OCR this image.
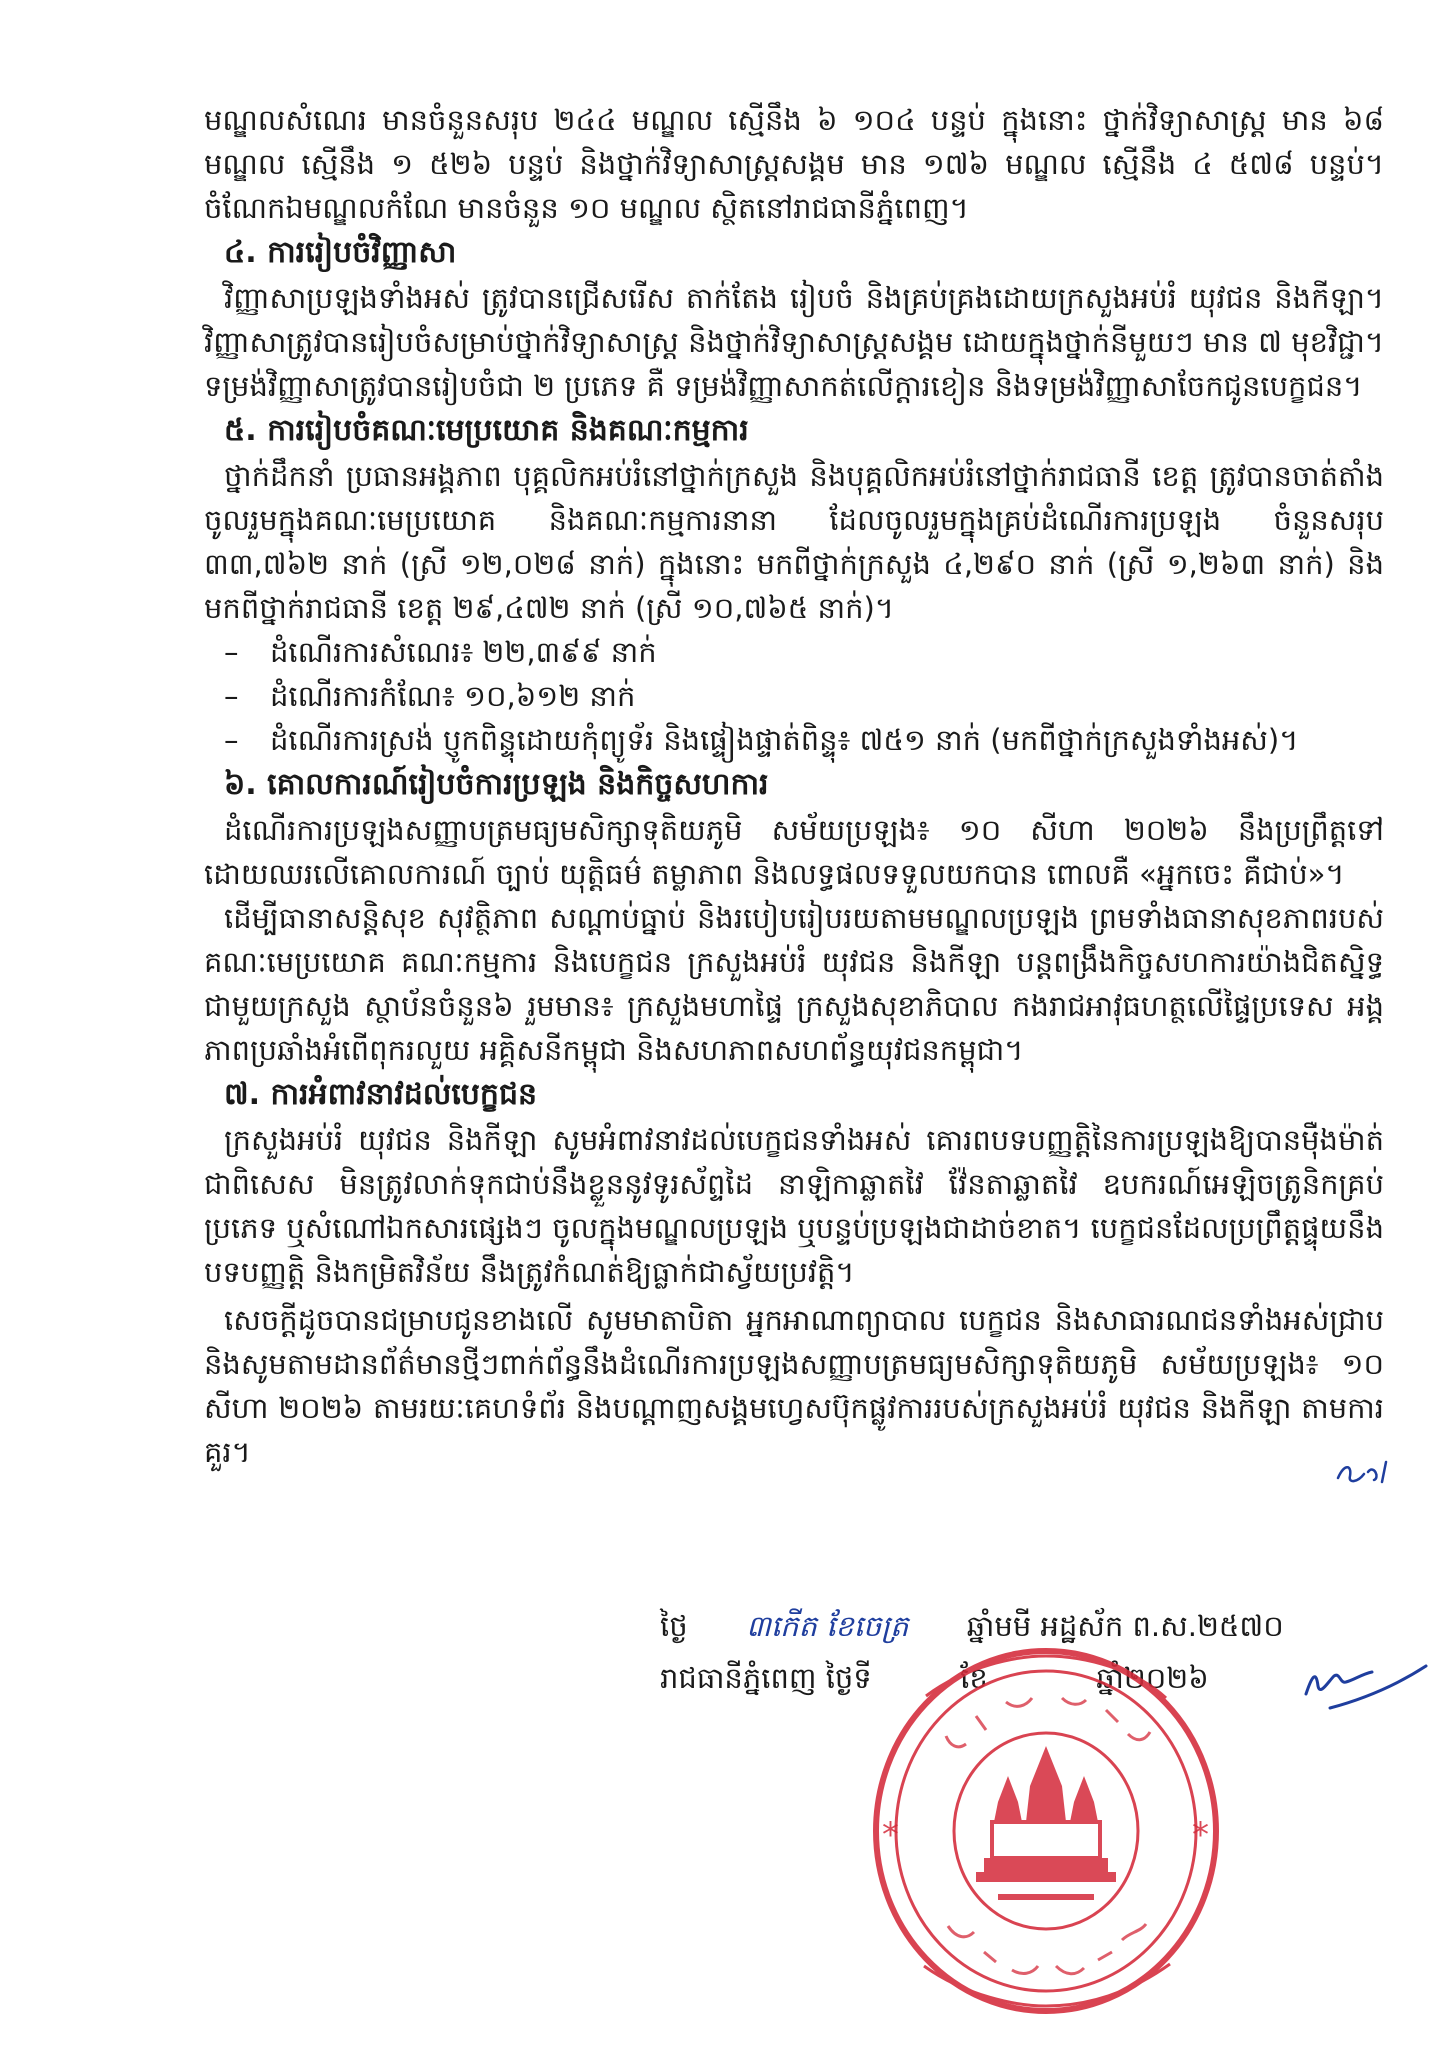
មណ្ឌលសំណេរ មានចំនួនសរុប ២៤៤ មណ្ឌល ស្មើនឹង ៦ ១០៤ បន្ទប់ ក្នុងនោះ ថ្នាក់វិទ្យាសាស្ត្រ មាន ៦៨ មណ្ឌល ស្មើនឹង ១ ៥២៦ បន្ទប់ និងថ្នាក់វិទ្យាសាស្ត្រសង្គម មាន ១៧៦ មណ្ឌល ស្មើនឹង ៤ ៥៧៨ បន្ទប់។ ចំណែកឯមណ្ឌលកំណែ មានចំនួន ១០ មណ្ឌល ស្ថិតនៅរាជធានីភ្នំពេញ។

៤. ការរៀបចំវិញ្ញាសា

វិញ្ញាសាប្រឡងទាំងអស់ ត្រូវបានជ្រើសរើស តាក់តែង រៀបចំ និងគ្រប់គ្រងដោយក្រសួងអប់រំ យុវជន និងកីឡា។ វិញ្ញាសាត្រូវបានរៀបចំសម្រាប់ថ្នាក់វិទ្យាសាស្ត្រ និងថ្នាក់វិទ្យាសាស្ត្រសង្គម ដោយក្នុងថ្នាក់នីមួយៗ មាន ៧ មុខវិជ្ជា។ ទម្រង់វិញ្ញាសាត្រូវបានរៀបចំជា ២ ប្រភេទ គឺ ទម្រង់វិញ្ញាសាកត់លើក្ដារខៀន និងទម្រង់វិញ្ញាសាចែកជូនបេក្ខជន។

៥. ការរៀបចំគណៈមេប្រយោគ និងគណៈកម្មការ

ថ្នាក់ដឹកនាំ ប្រធានអង្គភាព បុគ្គលិកអប់រំនៅថ្នាក់ក្រសួង និងបុគ្គលិកអប់រំនៅថ្នាក់រាជធានី ខេត្ត ត្រូវបានចាត់តាំងចូលរួមក្នុងគណៈមេប្រយោគ និងគណៈកម្មការនានា ដែលចូលរួមក្នុងគ្រប់ដំណើរការប្រឡង ចំនួនសរុប ៣៣,៧៦២ នាក់ (ស្រី ១២,០២៨ នាក់) ក្នុងនោះ មកពីថ្នាក់ក្រសួង ៤,២៩០ នាក់ (ស្រី ១,២៦៣ នាក់) និងមកពីថ្នាក់រាជធានី ខេត្ត ២៩,៤៧២ នាក់ (ស្រី ១០,៧៦៥ នាក់)។

– ដំណើរការសំណេរ៖ ២២,៣៩៩ នាក់
– ដំណើរការកំណែ៖ ១០,៦១២ នាក់
– ដំណើរការស្រង់ ប្ញូកពិន្ទុដោយកុំព្យូទ័រ និងផ្ទៀងផ្ទាត់ពិន្ទុ៖ ៧៥១ នាក់ (មកពីថ្នាក់ក្រសួងទាំងអស់)។

៦. គោលការណ៍រៀបចំការប្រឡង និងកិច្ចសហការ

ដំណើរការប្រឡងសញ្ញាបត្រមធ្យមសិក្សាទុតិយភូមិ សម័យប្រឡង៖ ១០ សីហា ២០២៦ នឹងប្រព្រឹត្តទៅដោយឈរលើគោលការណ៍ ច្បាប់ យុត្តិធម៌ តម្លាភាព និងលទ្ធផលទទួលយកបាន ពោលគឺ «អ្នកចេះ គឺជាប់»។

ដើម្បីធានាសន្តិសុខ សុវត្ថិភាព សណ្ដាប់ធ្នាប់ និងរបៀបរៀបរយតាមមណ្ឌលប្រឡង ព្រមទាំងធានាសុខភាពរបស់គណៈមេប្រយោគ គណៈកម្មការ និងបេក្ខជន ក្រសួងអប់រំ យុវជន និងកីឡា បន្តពង្រឹងកិច្ចសហការយ៉ាងជិតស្និទ្ធជាមួយក្រសួង ស្ថាប័នចំនួន៦ រួមមាន៖ ក្រសួងមហាផ្ទៃ ក្រសួងសុខាភិបាល កងរាជអាវុធហត្ថលើផ្ទៃប្រទេស អង្គភាពប្រឆាំងអំពើពុករលួយ អគ្គិសនីកម្ពុជា និងសហភាពសហព័ន្ធយុវជនកម្ពុជា។

៧. ការអំពាវនាវដល់បេក្ខជន

ក្រសួងអប់រំ យុវជន និងកីឡា សូមអំពាវនាវដល់បេក្ខជនទាំងអស់ គោរពបទបញ្ញត្តិនៃការប្រឡងឱ្យបានម៉ឺងម៉ាត់ជាពិសេស មិនត្រូវលាក់ទុកជាប់នឹងខ្លួននូវទូរស័ព្ទដៃ នាឡិកាឆ្លាតវៃ វ៉ែនតាឆ្លាតវៃ ឧបករណ៍អេឡិចត្រូនិកគ្រប់ប្រភេទ ឬសំណៅឯកសារផ្សេងៗ ចូលក្នុងមណ្ឌលប្រឡង ឬបន្ទប់ប្រឡងជាដាច់ខាត។ បេក្ខជនដែលប្រព្រឹត្តផ្ទុយនឹងបទបញ្ញត្តិ និងកម្រិតវិន័យ នឹងត្រូវកំណត់ឱ្យធ្លាក់ជាស្វ័យប្រវត្តិ។

សេចក្តីដូចបានជម្រាបជូនខាងលើ សូមមាតាបិតា អ្នកអាណាព្យាបាល បេក្ខជន និងសាធារណជនទាំងអស់ជ្រាប និងសូមតាមដានព័ត៌មានថ្មីៗពាក់ព័ន្ធនឹងដំណើរការប្រឡងសញ្ញាបត្រមធ្យមសិក្សាទុតិយភូមិ សម័យប្រឡង៖ ១០ សីហា ២០២៦ តាមរយៈគេហទំព័រ និងបណ្ដាញសង្គមហ្វេសប៊ុកផ្លូវការរបស់ក្រសួងអប់រំ យុវជន និងកីឡា តាមការគួរ។

ថ្ងៃ ៣កើត ខែចេត្រ ឆ្នាំមមី អដ្ឋស័ក ព.ស.២៥៧០
រាជធានីភ្នំពេញ ថ្ងៃទី	ខែ	ឆ្នាំ២០២៦
*	*
